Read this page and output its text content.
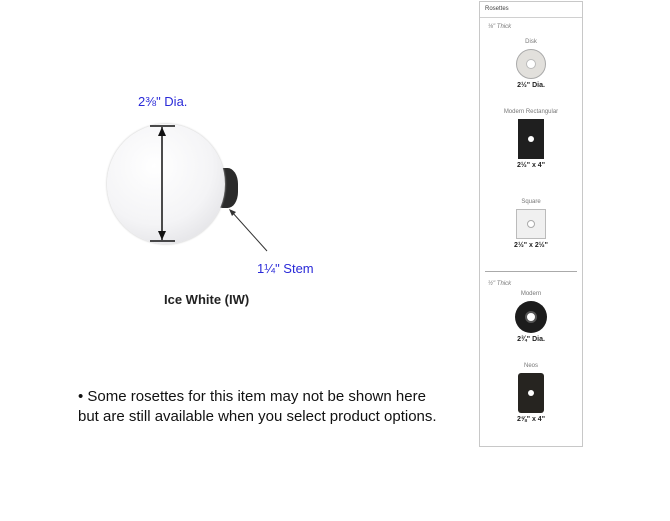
2⅜" Dia.
1¼" Stem
Ice White (IW)
• Some rosettes for this item may not be shown here but are still available when you select product options.
Rosettes
⅛" Thick
Disk
2½" Dia.
Modern Rectangular
2½" x 4"
Square
2½" x 2½"
½" Thick
Modern
2¾" Dia.
Neos
2⅝" x 4"
